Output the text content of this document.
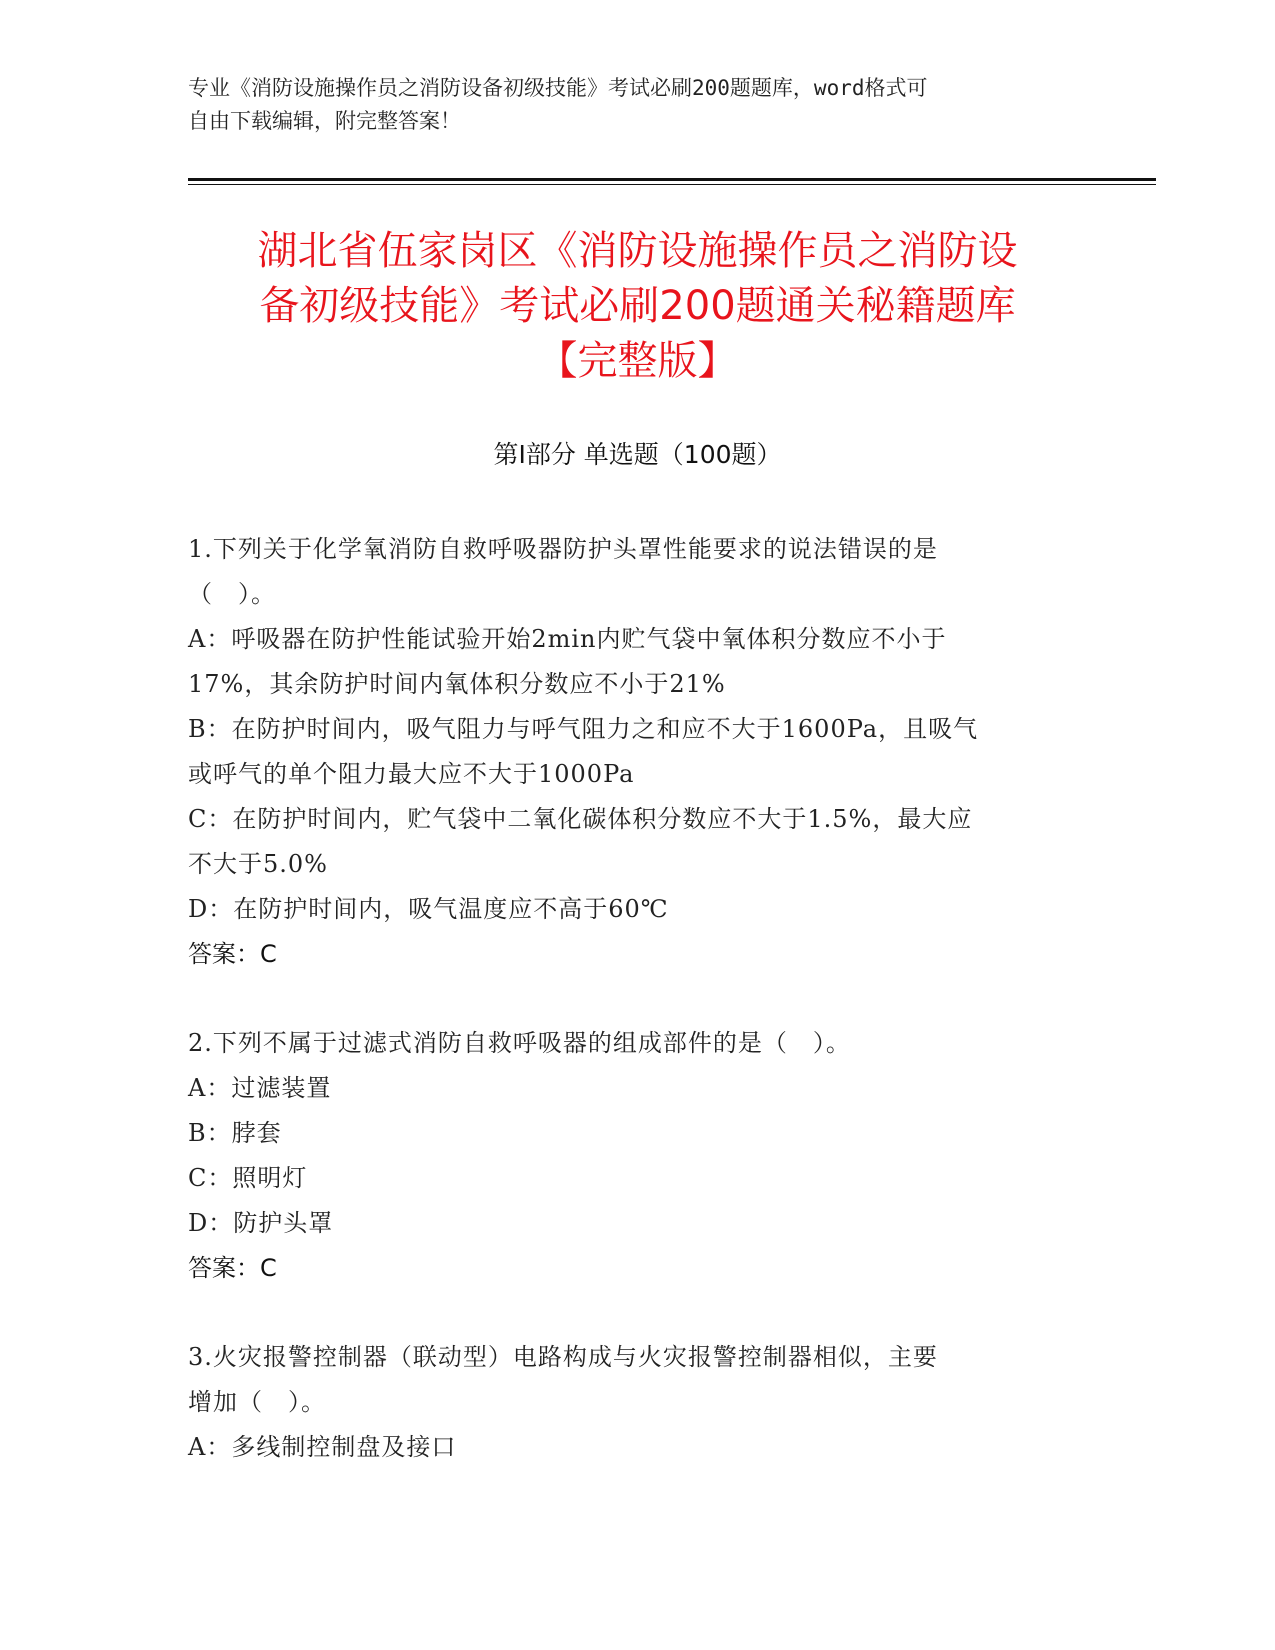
专业《消防设施操作员之消防设备初级技能》考试必刷200题题库，word格式可
自由下载编辑，附完整答案！
湖北省伍家岗区《消防设施操作员之消防设
备初级技能》考试必刷200题通关秘籍题库
【完整版】
第Ⅰ部分 单选题（100题）
1.下列关于化学氧消防自救呼吸器防护头罩性能要求的说法错误的是
（　）。
A：呼吸器在防护性能试验开始2min内贮气袋中氧体积分数应不小于
17%，其余防护时间内氧体积分数应不小于21%
B：在防护时间内，吸气阻力与呼气阻力之和应不大于1600Pa，且吸气
或呼气的单个阻力最大应不大于1000Pa
C：在防护时间内，贮气袋中二氧化碳体积分数应不大于1.5%，最大应
不大于5.0%
D：在防护时间内，吸气温度应不高于60℃
答案：C
2.下列不属于过滤式消防自救呼吸器的组成部件的是（　）。
A：过滤装置
B：脖套
C：照明灯
D：防护头罩
答案：C
3.火灾报警控制器（联动型）电路构成与火灾报警控制器相似，主要
增加（　）。
A：多线制控制盘及接口
